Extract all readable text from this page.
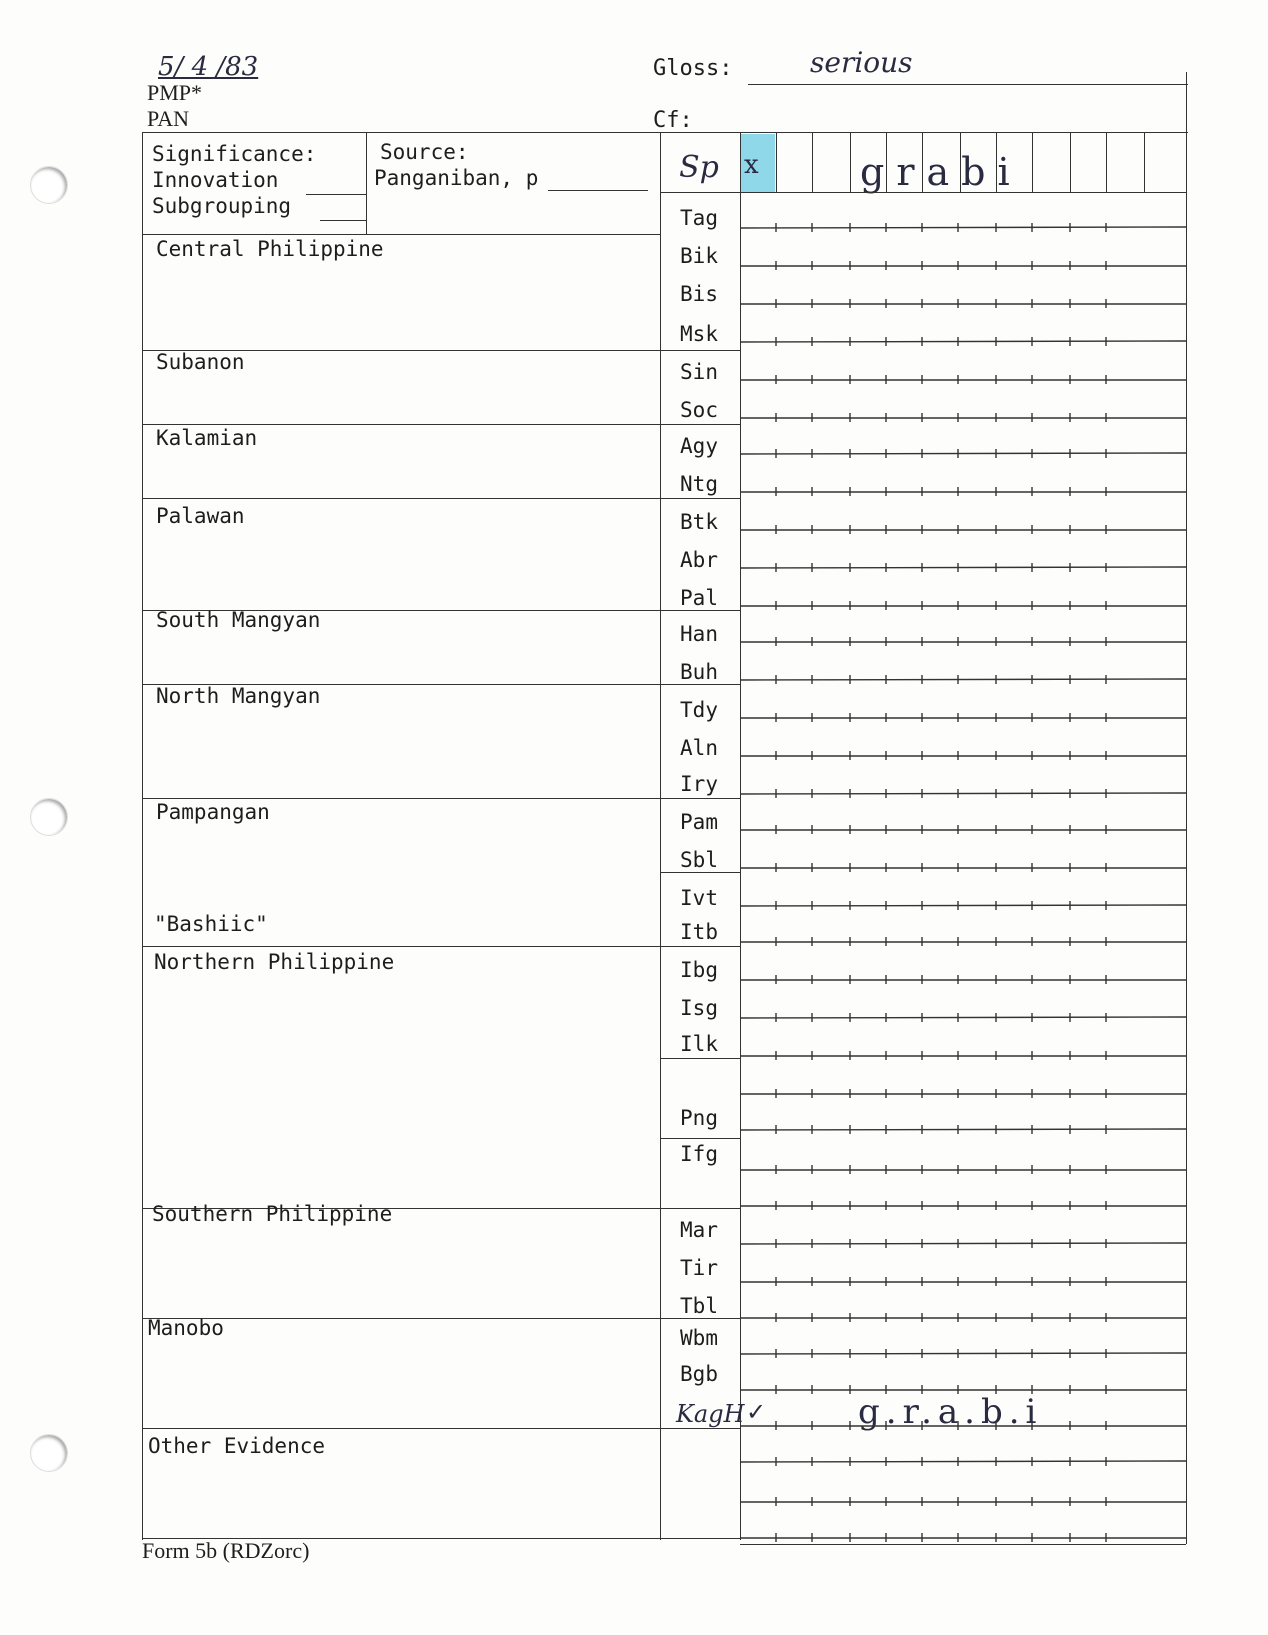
5/ 4 /83
PMP*
PAN
Gloss:	serious
Cf:
Significance:
Innovation
Subgrouping
Source:
Panganiban, p	Sp x	grabi
Central Philippine
Subanon
Kalamian
Palawan
South Mangyan
North Mangyan
Pampangan
"Bashiic"
Northern Philippine
Southern Philippine
Manobo
Other Evidence
Tag
Bik
Bis
Msk
Sin
Soc
Agy
Ntg
Btk
Abr
Pal
Han
Buh
Tdy
Aln
Iry
Pam
Sbl
Ivt
Itb
Ibg
Isg
Ilk
Png
Ifg
Mar
Tir
Tbl
Wbm
Bgb
KagH ✓	g.r.a.b.i
Form 5b (RDZorc)
